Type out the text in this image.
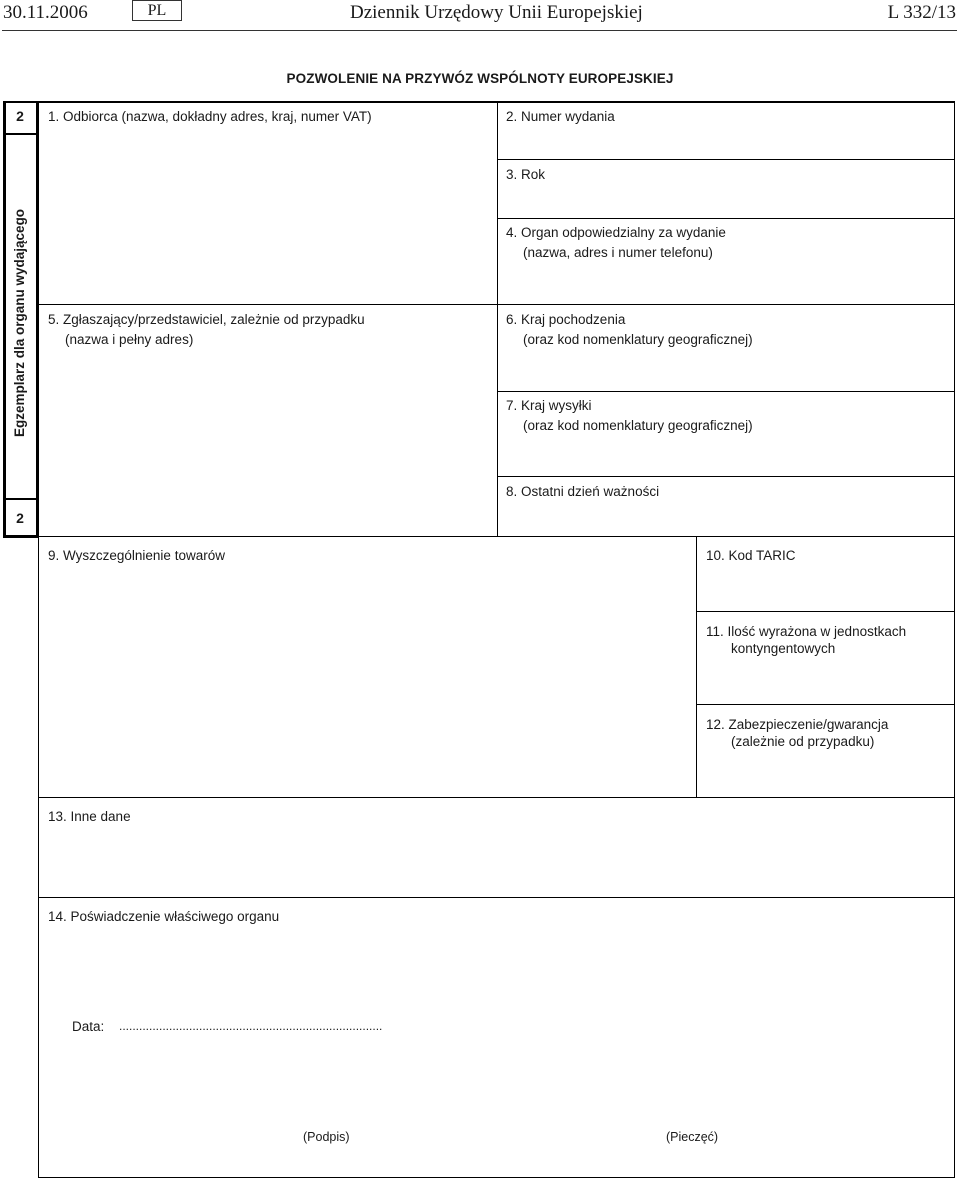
30.11.2006	PL	Dziennik Urzędowy Unii Europejskiej	L 332/13
POZWOLENIE NA PRZYWÓZ WSPÓLNOTY EUROPEJSKIEJ
2
Egzemplarz dla organu wydającego
2
1. Odbiorca (nazwa, dokładny adres, kraj, numer VAT)	2. Numer wydania
3. Rok
4. Organ odpowiedzialny za wydanie
(nazwa, adres i numer telefonu)
5. Zgłaszający/przedstawiciel, zależnie od przypadku
(nazwa i pełny adres)
6. Kraj pochodzenia
(oraz kod nomenklatury geograficznej)
7. Kraj wysyłki
(oraz kod nomenklatury geograficznej)
8. Ostatni dzień ważności
9. Wyszczególnienie towarów	10. Kod TARIC
11. Ilość wyrażona w jednostkach
kontyngentowych
12. Zabezpieczenie/gwarancja
(zależnie od przypadku)
13. Inne dane
14. Poświadczenie właściwego organu
Data: ...............................................................................
(Podpis)	(Pieczęć)
